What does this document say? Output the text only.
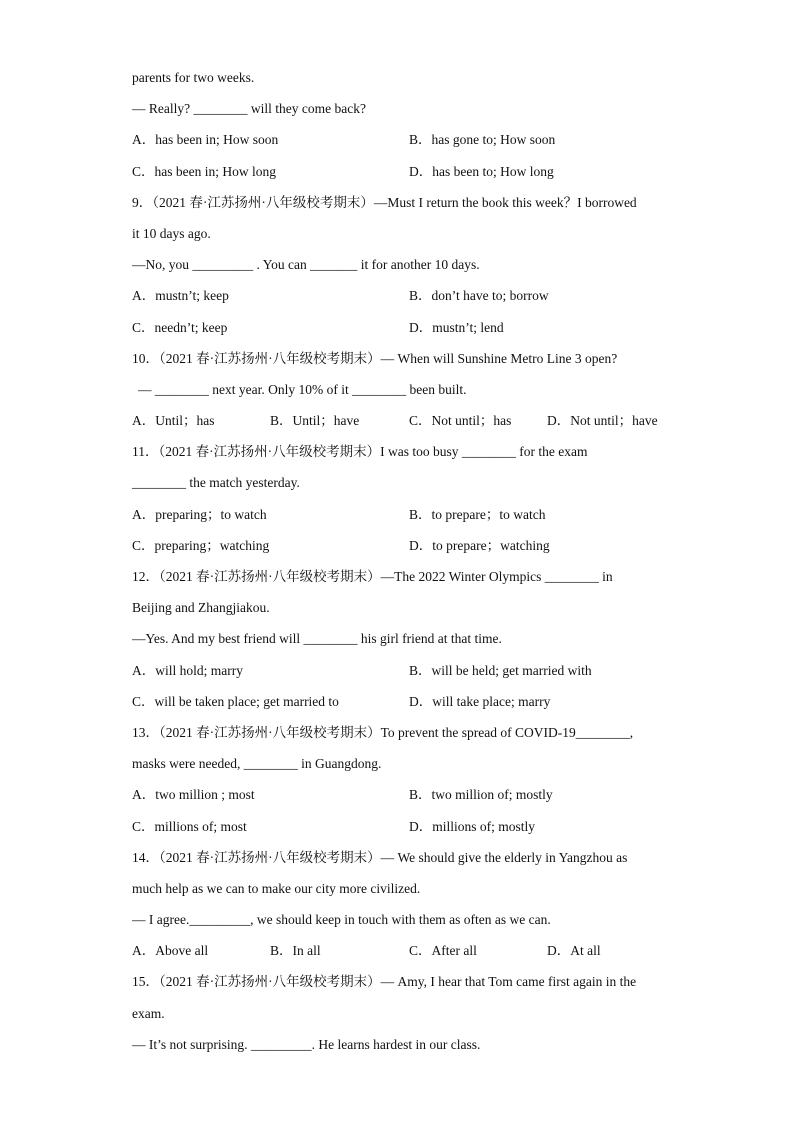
parents for two weeks.
— Really? ________ will they come back?
A．has been in; How soon	B．has gone to; How soon
C．has been in; How long	D．has been to; How long
9．（2021 春·江苏扬州·八年级校考期末）—Must I return the book this week？I borrowed
it 10 days ago.
—No, you _________ . You can _______ it for another 10 days.
A．mustn’t; keep	B．don’t have to; borrow
C．needn’t; keep	D．mustn’t; lend
10．（2021 春·江苏扬州·八年级校考期末）— When will Sunshine Metro Line 3 open?
— ________ next year. Only 10% of it ________ been built.
A．Until；has	B．Until；have	C．Not until；has	D．Not until；have
11．（2021 春·江苏扬州·八年级校考期末）I was too busy ________ for the exam
________ the match yesterday.
A．preparing；to watch	B．to prepare；to watch
C．preparing；watching	D．to prepare；watching
12．（2021 春·江苏扬州·八年级校考期末）—The 2022 Winter Olympics ________ in
Beijing and Zhangjiakou.
—Yes. And my best friend will ________ his girl friend at that time.
A．will hold; marry	B．will be held; get married with
C．will be taken place; get married to	D．will take place; marry
13．（2021 春·江苏扬州·八年级校考期末）To prevent the spread of COVID-19________,
masks were needed, ________ in Guangdong.
A．two million ; most	B．two million of; mostly
C．millions of; most	D．millions of; mostly
14．（2021 春·江苏扬州·八年级校考期末）— We should give the elderly in Yangzhou as
much help as we can to make our city more civilized.
— I agree._________, we should keep in touch with them as often as we can.
A．Above all	B．In all	C．After all	D．At all
15．（2021 春·江苏扬州·八年级校考期末）— Amy, I hear that Tom came first again in the
exam.
— It’s not surprising. _________. He learns hardest in our class.
